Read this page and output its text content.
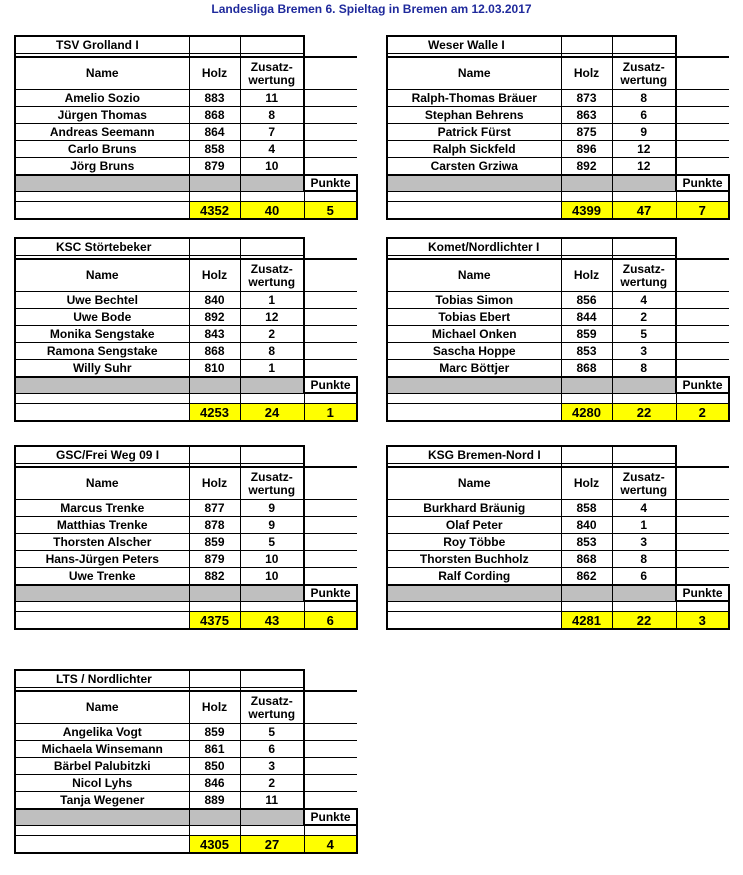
Landesliga Bremen 6. Spieltag in Bremen am 12.03.2017
TSV Grolland I			

Name	Holz	Zusatz-
wertung	
Amelio Sozio	883	11	
Jürgen Thomas	868	8	
Andreas Seemann	864	7	
Carlo Bruns	858	4	
Jörg Bruns	879	10	
			Punkte

	4352	40	5
Weser Walle I			

Name	Holz	Zusatz-
wertung	
Ralph-Thomas Bräuer	873	8	
Stephan Behrens	863	6	
Patrick Fürst	875	9	
Ralph Sickfeld	896	12	
Carsten Grziwa	892	12	
			Punkte

	4399	47	7
KSC Störtebeker			

Name	Holz	Zusatz-
wertung	
Uwe Bechtel	840	1	
Uwe Bode	892	12	
Monika Sengstake	843	2	
Ramona Sengstake	868	8	
Willy Suhr	810	1	
			Punkte

	4253	24	1
Komet/Nordlichter I			

Name	Holz	Zusatz-
wertung	
Tobias Simon	856	4	
Tobias Ebert	844	2	
Michael Onken	859	5	
Sascha Hoppe	853	3	
Marc Böttjer	868	8	
			Punkte

	4280	22	2
GSC/Frei Weg 09 I			

Name	Holz	Zusatz-
wertung	
Marcus Trenke	877	9	
Matthias Trenke	878	9	
Thorsten Alscher	859	5	
Hans-Jürgen Peters	879	10	
Uwe Trenke	882	10	
			Punkte

	4375	43	6
KSG Bremen-Nord I			

Name	Holz	Zusatz-
wertung	
Burkhard Bräunig	858	4	
Olaf Peter	840	1	
Roy Többe	853	3	
Thorsten Buchholz	868	8	
Ralf Cording	862	6	
			Punkte

	4281	22	3
LTS / Nordlichter			

Name	Holz	Zusatz-
wertung	
Angelika Vogt	859	5	
Michaela Winsemann	861	6	
Bärbel Palubitzki	850	3	
Nicol Lyhs	846	2	
Tanja Wegener	889	11	
			Punkte

	4305	27	4
